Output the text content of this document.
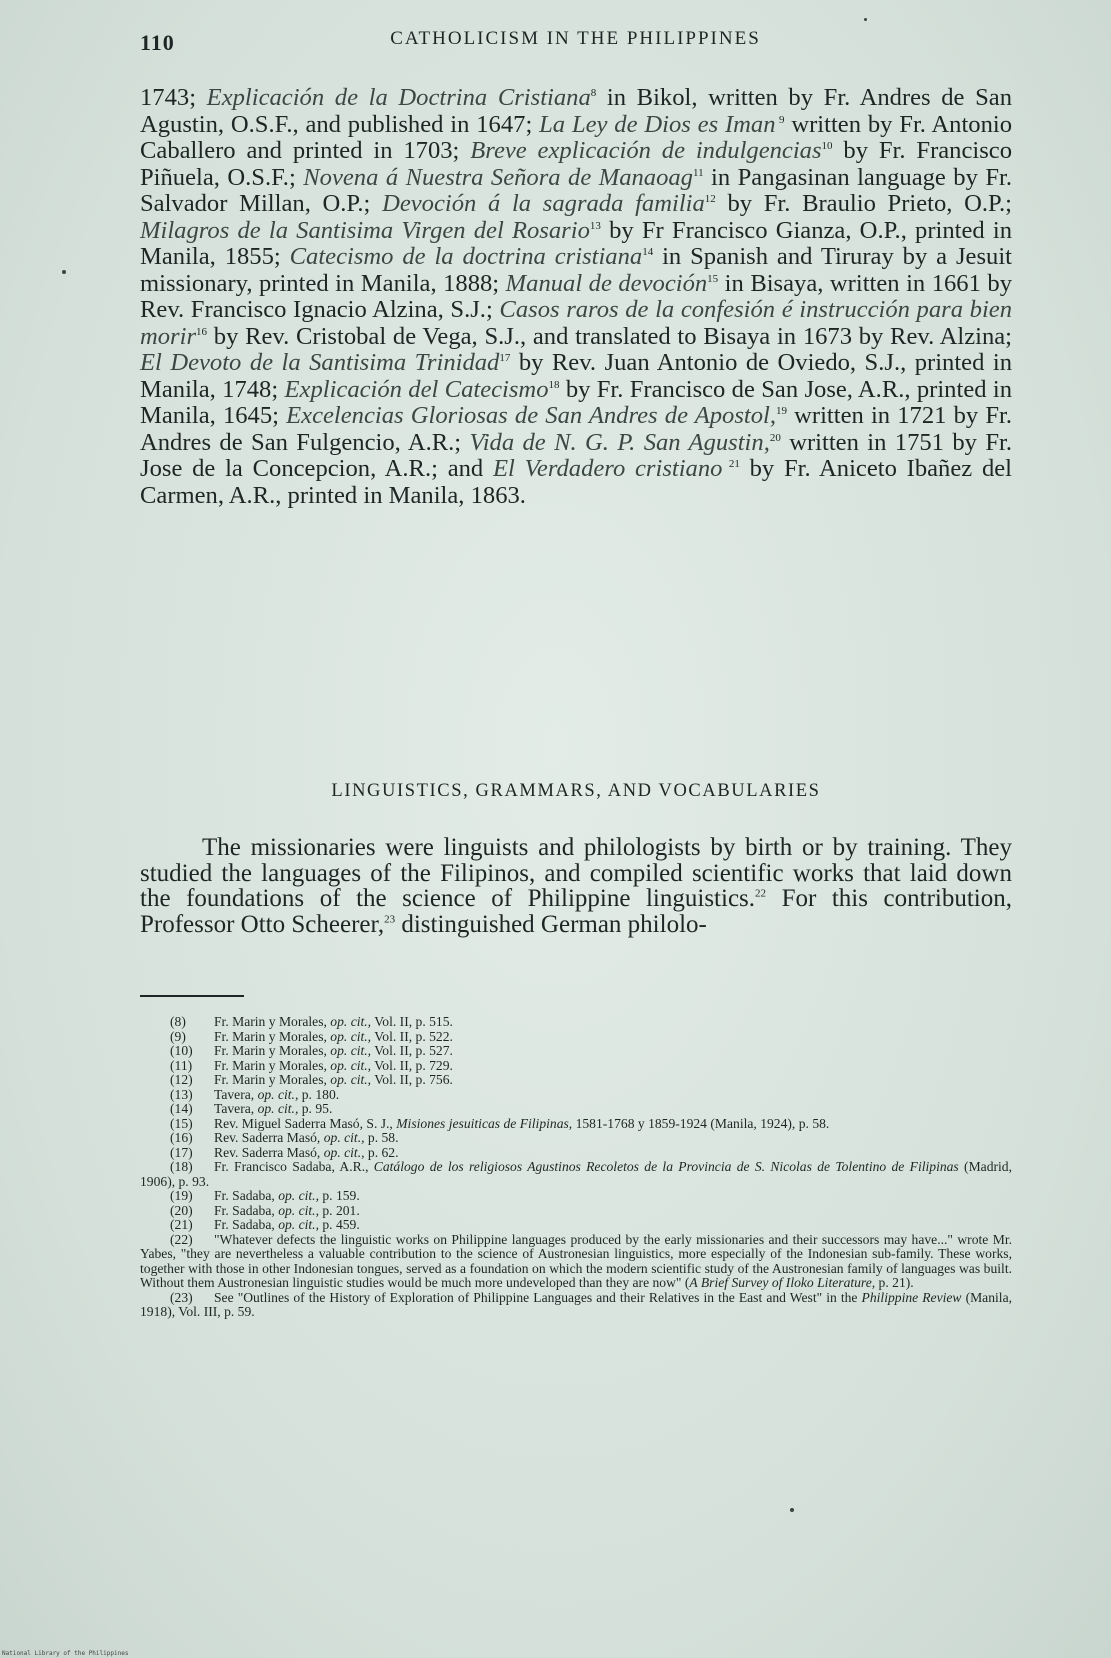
110	CATHOLICISM IN THE PHILIPPINES

1743; Explicación de la Doctrina Cristiana$^8$ in Bikol, written by Fr. Andres de San Agustin, O.S.F., and published in 1647; La Ley de Dios es Iman $^9$ written by Fr. Antonio Caballero and printed in 1703; Breve explicación de indulgencias$^{10}$ by Fr. Francisco Piñuela, O.S.F.; Novena á Nuestra Señora de Manaoag$^{11}$ in Pangasinan language by Fr. Salvador Millan, O.P.; Devoción á la sagrada familia$^{12}$ by Fr. Braulio Prieto, O.P.; Milagros de la Santisima Virgen del Rosario$^{13}$ by Fr Francisco Gianza, O.P., printed in Manila, 1855; Catecismo de la doctrina cristiana$^{14}$ in Spanish and Tiruray by a Jesuit missionary, printed in Manila, 1888; Manual de devoción$^{15}$ in Bisaya, written in 1661 by Rev. Francisco Ignacio Alzina, S.J.; Casos raros de la confesión é instrucción para bien morir$^{16}$ by Rev. Cristobal de Vega, S.J., and translated to Bisaya in 1673 by Rev. Alzina; El Devoto de la Santisima Trinidad$^{17}$ by Rev. Juan Antonio de Oviedo, S.J., printed in Manila, 1748; Explicación del Catecismo$^{18}$ by Fr. Francisco de San Jose, A.R., printed in Manila, 1645; Excelencias Gloriosas de San Andres de Apostol,$^{19}$ written in 1721 by Fr. Andres de San Fulgencio, A.R.; Vida de N. G. P. San Agustin,$^{20}$ written in 1751 by Fr. Jose de la Concepcion, A.R.; and El Verdadero cristiano $^{21}$ by Fr. Aniceto Ibañez del Carmen, A.R., printed in Manila, 1863.

LINGUISTICS, GRAMMARS, AND VOCABULARIES

The missionaries were linguists and philologists by birth or by training. They studied the languages of the Filipinos, and compiled scientific works that laid down the foundations of the science of Philippine linguistics.$^{22}$ For this contribution, Professor Otto Scheerer,$^{23}$ distinguished German philolo-

(8) Fr. Marin y Morales, op. cit., Vol. II, p. 515.

(9) Fr. Marin y Morales, op. cit., Vol. II, p. 522.

(10) Fr. Marin y Morales, op. cit., Vol. II, p. 527.

(11) Fr. Marin y Morales, op. cit., Vol. II, p. 729.

(12) Fr. Marin y Morales, op. cit., Vol. II, p. 756.

(13) Tavera, op. cit., p. 180.

(14) Tavera, op. cit., p. 95.

(15) Rev. Miguel Saderra Masó, S. J., Misiones jesuiticas de Filipinas, 1581-1768 y 1859-1924 (Manila, 1924), p. 58.

(16) Rev. Saderra Masó, op. cit., p. 58.

(17) Rev. Saderra Masó, op. cit., p. 62.

(18) Fr. Francisco Sadaba, A.R., Catálogo de los religiosos Agustinos Recoletos de la Provincia de S. Nicolas de Tolentino de Filipinas (Madrid, 1906), p. 93.

(19) Fr. Sadaba, op. cit., p. 159.

(20) Fr. Sadaba, op. cit., p. 201.

(21) Fr. Sadaba, op. cit., p. 459.

(22) "Whatever defects the linguistic works on Philippine languages produced by the early missionaries and their successors may have..." wrote Mr. Yabes, "they are nevertheless a valuable contribution to the science of Austronesian linguistics, more especially of the Indonesian sub-family. These works, together with those in other Indonesian tongues, served as a foundation on which the modern scientific study of the Austronesian family of languages was built. Without them Austronesian linguistic studies would be much more undeveloped than they are now" (A Brief Survey of Iloko Literature, p. 21).

(23) See "Outlines of the History of Exploration of Philippine Languages and their Relatives in the East and West" in the Philippine Review (Manila, 1918), Vol. III, p. 59.

National Library of the Philippines
